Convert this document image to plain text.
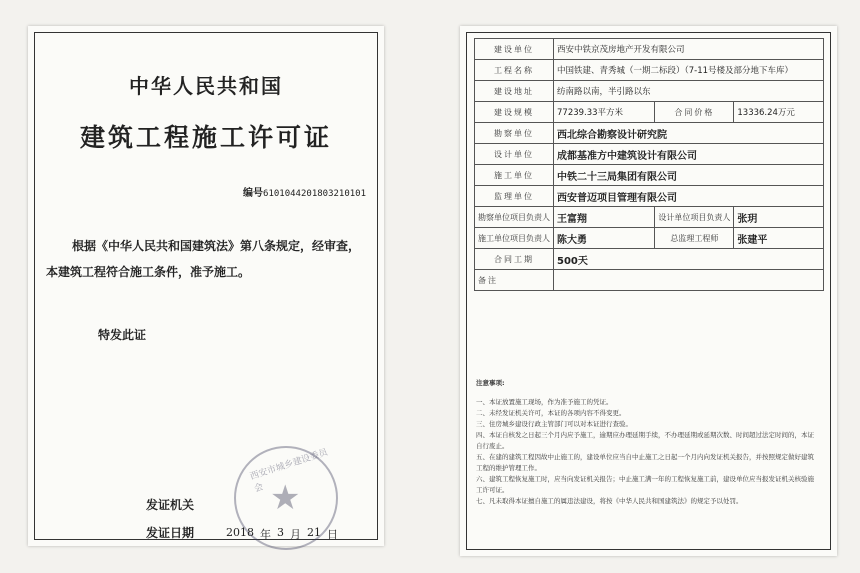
中华人民共和国
建筑工程施工许可证
编号6101044201803210101
根据《中华人民共和国建筑法》第八条规定，经审查，本建筑工程符合施工条件，准予施工。
特发此证
发证机关
发证日期
西安市城乡建设委员会 ★
2018 年 3 月 21 日
建设单位	西安中铁京茂房地产开发有限公司		
工程名称	中国铁建、青秀城（一期二标段）（7-11号楼及部分地下车库）		
建设地址	纺南路以南，半引路以东		
建设规模	77239.33平方米	合同价格	13336.24万元
勘察单位	西北综合勘察设计研究院		
设计单位	成都基准方中建筑设计有限公司		
施工单位	中铁二十三局集团有限公司		
监理单位	西安普迈项目管理有限公司		
勘察单位项目负责人	王富翔	设计单位项目负责人	张玥
施工单位项目负责人	陈大勇	总监理工程师	张建平
合同工期	500天		
备注			
注意事项:
一、本证放置施工现场，作为准予施工的凭证。
二、未经发证机关许可，本证的各项内容不得变更。
三、住房城乡建设行政主管部门可以对本证进行查验。
四、本证自核发之日起三个月内应予施工，逾期应办理延期手续，不办理延期或延期次数、时间超过法定时间的，本证自行废止。
五、在建的建筑工程因故中止施工的，建设单位应当自中止施工之日起一个月内向发证机关报告，并按照规定做好建筑工程的维护管理工作。
六、建筑工程恢复施工时，应当向发证机关报告；中止施工满一年的工程恢复施工前，建设单位应当报发证机关核验施工许可证。
七、凡未取得本证擅自施工的属违法建设，将按《中华人民共和国建筑法》的规定予以处罚。
